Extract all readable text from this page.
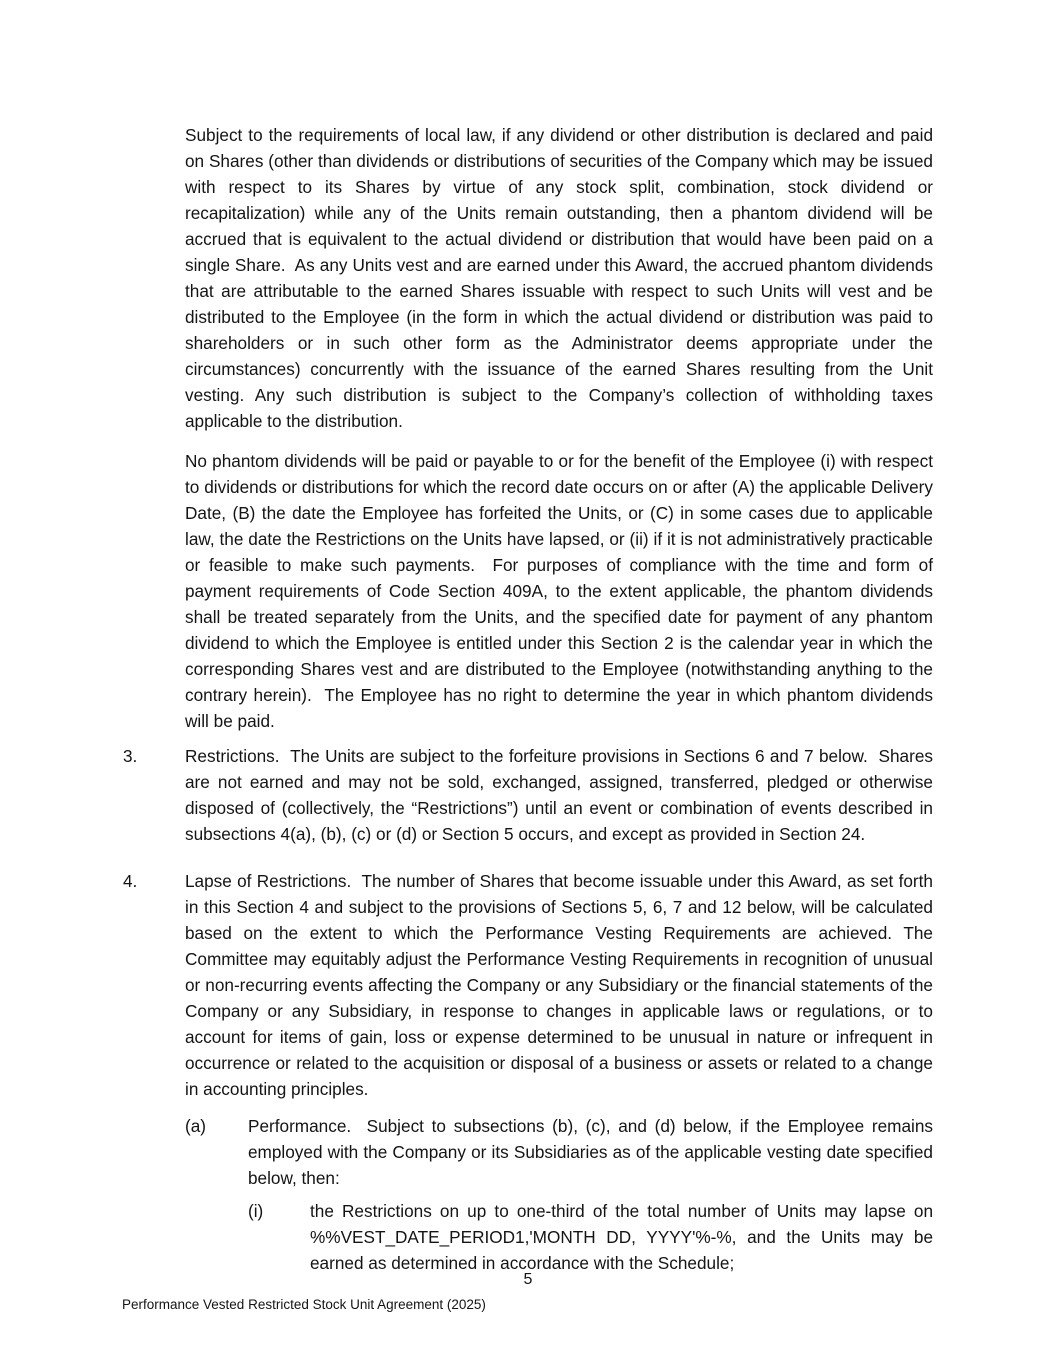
Subject to the requirements of local law, if any dividend or other distribution is declared and paid on Shares (other than dividends or distributions of securities of the Company which may be issued with respect to its Shares by virtue of any stock split, combination, stock dividend or recapitalization) while any of the Units remain outstanding, then a phantom dividend will be accrued that is equivalent to the actual dividend or distribution that would have been paid on a single Share.  As any Units vest and are earned under this Award, the accrued phantom dividends that are attributable to the earned Shares issuable with respect to such Units will vest and be distributed to the Employee (in the form in which the actual dividend or distribution was paid to shareholders or in such other form as the Administrator deems appropriate under the circumstances) concurrently with the issuance of the earned Shares resulting from the Unit vesting. Any such distribution is subject to the Company’s collection of withholding taxes applicable to the distribution.
No phantom dividends will be paid or payable to or for the benefit of the Employee (i) with respect to dividends or distributions for which the record date occurs on or after (A) the applicable Delivery Date, (B) the date the Employee has forfeited the Units, or (C) in some cases due to applicable law, the date the Restrictions on the Units have lapsed, or (ii) if it is not administratively practicable or feasible to make such payments.  For purposes of compliance with the time and form of payment requirements of Code Section 409A, to the extent applicable, the phantom dividends shall be treated separately from the Units, and the specified date for payment of any phantom dividend to which the Employee is entitled under this Section 2 is the calendar year in which the corresponding Shares vest and are distributed to the Employee (notwithstanding anything to the contrary herein).  The Employee has no right to determine the year in which phantom dividends will be paid.
3.	Restrictions.  The Units are subject to the forfeiture provisions in Sections 6 and 7 below.  Shares are not earned and may not be sold, exchanged, assigned, transferred, pledged or otherwise disposed of (collectively, the “Restrictions”) until an event or combination of events described in subsections 4(a), (b), (c) or (d) or Section 5 occurs, and except as provided in Section 24.
4.	Lapse of Restrictions.  The number of Shares that become issuable under this Award, as set forth in this Section 4 and subject to the provisions of Sections 5, 6, 7 and 12 below, will be calculated based on the extent to which the Performance Vesting Requirements are achieved. The Committee may equitably adjust the Performance Vesting Requirements in recognition of unusual or non-recurring events affecting the Company or any Subsidiary or the financial statements of the Company or any Subsidiary, in response to changes in applicable laws or regulations, or to account for items of gain, loss or expense determined to be unusual in nature or infrequent in occurrence or related to the acquisition or disposal of a business or assets or related to a change in accounting principles.
(a) Performance.  Subject to subsections (b), (c), and (d) below, if the Employee remains employed with the Company or its Subsidiaries as of the applicable vesting date specified below, then:
(i)	the Restrictions on up to one-third of the total number of Units may lapse on %%VEST_DATE_PERIOD1,'MONTH DD, YYYY'%-%, and the Units may be earned as determined in accordance with the Schedule;
5
Performance Vested Restricted Stock Unit Agreement (2025)
